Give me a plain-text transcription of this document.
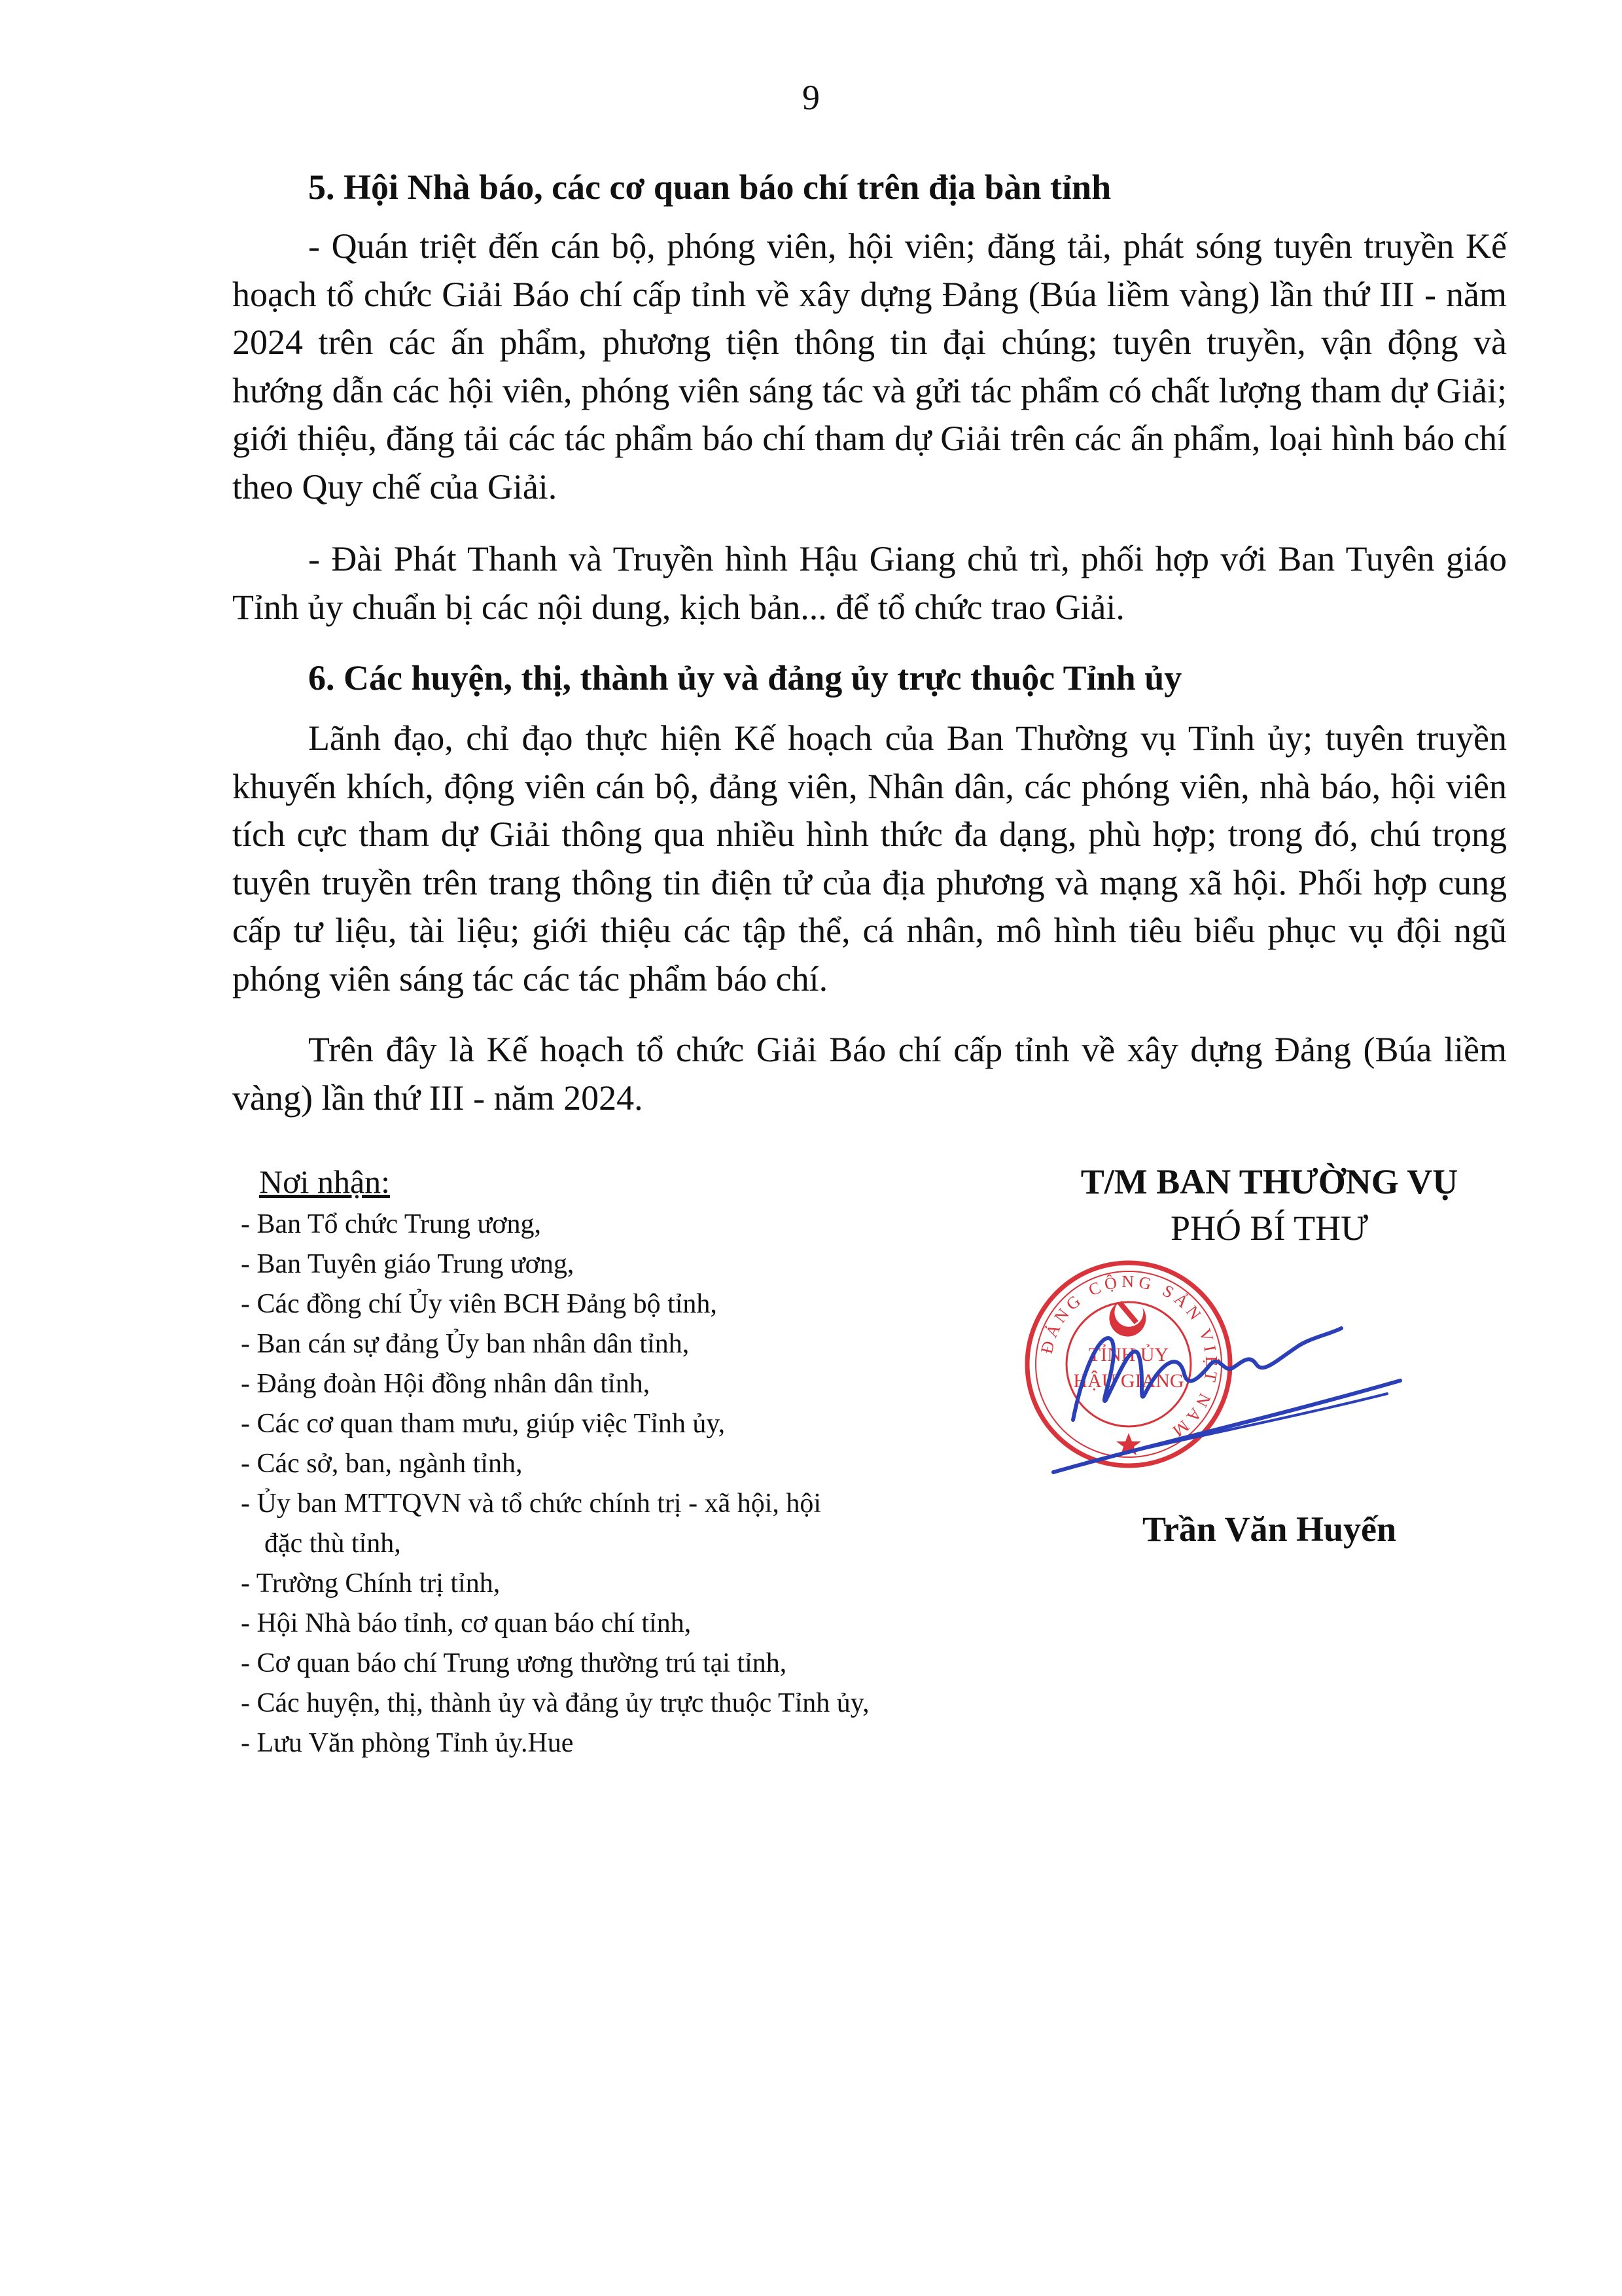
9
5. Hội Nhà báo, các cơ quan báo chí trên địa bàn tỉnh
- Quán triệt đến cán bộ, phóng viên, hội viên; đăng tải, phát sóng tuyên truyền Kế hoạch tổ chức Giải Báo chí cấp tỉnh về xây dựng Đảng (Búa liềm vàng) lần thứ III - năm 2024 trên các ấn phẩm, phương tiện thông tin đại chúng; tuyên truyền, vận động và hướng dẫn các hội viên, phóng viên sáng tác và gửi tác phẩm có chất lượng tham dự Giải; giới thiệu, đăng tải các tác phẩm báo chí tham dự Giải trên các ấn phẩm, loại hình báo chí theo Quy chế của Giải.
- Đài Phát Thanh và Truyền hình Hậu Giang chủ trì, phối hợp với Ban Tuyên giáo Tỉnh ủy chuẩn bị các nội dung, kịch bản... để tổ chức trao Giải.
6. Các huyện, thị, thành ủy và đảng ủy trực thuộc Tỉnh ủy
Lãnh đạo, chỉ đạo thực hiện Kế hoạch của Ban Thường vụ Tỉnh ủy; tuyên truyền khuyến khích, động viên cán bộ, đảng viên, Nhân dân, các phóng viên, nhà báo, hội viên tích cực tham dự Giải thông qua nhiều hình thức đa dạng, phù hợp; trong đó, chú trọng tuyên truyền trên trang thông tin điện tử của địa phương và mạng xã hội. Phối hợp cung cấp tư liệu, tài liệu; giới thiệu các tập thể, cá nhân, mô hình tiêu biểu phục vụ đội ngũ phóng viên sáng tác các tác phẩm báo chí.
Trên đây là Kế hoạch tổ chức Giải Báo chí cấp tỉnh về xây dựng Đảng (Búa liềm vàng) lần thứ III - năm 2024.

Nơi nhận:

- Ban Tổ chức Trung ương,
- Ban Tuyên giáo Trung ương,
- Các đồng chí Ủy viên BCH Đảng bộ tỉnh,
- Ban cán sự đảng Ủy ban nhân dân tỉnh,
- Đảng đoàn Hội đồng nhân dân tỉnh,
- Các cơ quan tham mưu, giúp việc Tỉnh ủy,
- Các sở, ban, ngành tỉnh,
- Ủy ban MTTQVN và tổ chức chính trị - xã hội, hội đặc thù tỉnh,
- Trường Chính trị tỉnh,
- Hội Nhà báo tỉnh, cơ quan báo chí tỉnh,
- Cơ quan báo chí Trung ương thường trú tại tỉnh,
- Các huyện, thị, thành ủy và đảng ủy trực thuộc Tỉnh ủy,
- Lưu Văn phòng Tỉnh ủy.Hue
T/M BAN THƯỜNG VỤ
PHÓ BÍ THƯ
ĐẢNG CỘNG SẢN VIỆT NAM
TỈNH ỦY
HẬU GIANG
Trần Văn Huyến
